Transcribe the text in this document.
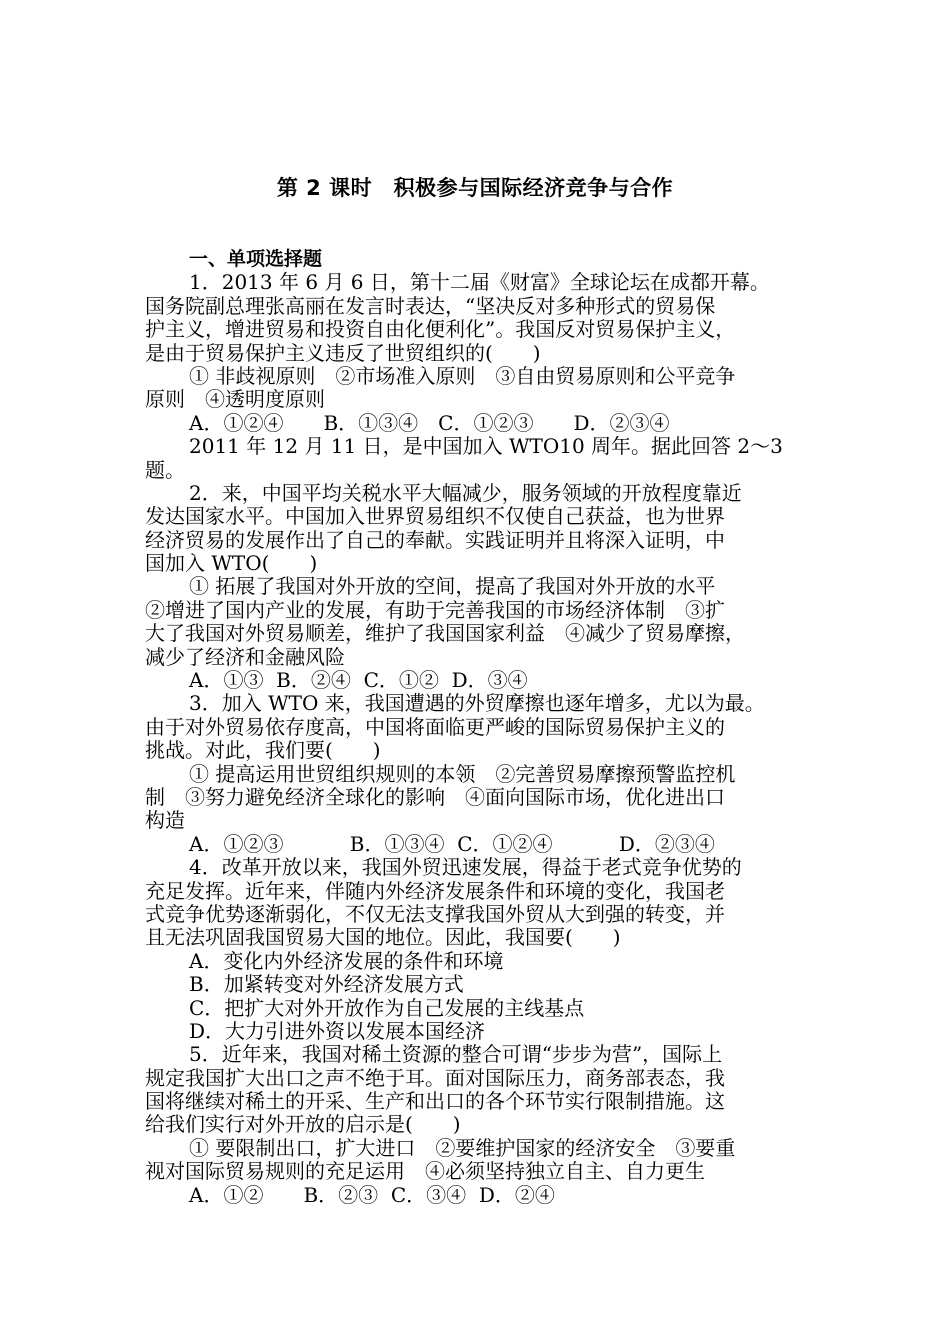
第 2 课时　积极参与国际经济竞争与合作
一、单项选择题
1．2013 年 6 月 6 日，第十二届《财富》全球论坛在成都开幕。
国务院副总理张高丽在发言时表达，“坚决反对多种形式的贸易保
护主义，增进贸易和投资自由化便利化”。我国反对贸易保护主义，
是由于贸易保护主义违反了世贸组织的(　　)
① 非歧视原则　②市场准入原则　③自由贸易原则和公平竞争
原则　④透明度原则
A．①②④　　B．①③④　C．①②③　　D．②③④
2011 年 12 月 11 日，是中国加入 WTO10 周年。据此回答 2～3
题。
2．来，中国平均关税水平大幅减少，服务领域的开放程度靠近
发达国家水平。中国加入世界贸易组织不仅使自己获益，也为世界
经济贸易的发展作出了自己的奉献。实践证明并且将深入证明，中
国加入 WTO(　　)
① 拓展了我国对外开放的空间，提高了我国对外开放的水平
②增进了国内产业的发展，有助于完善我国的市场经济体制　③扩
大了我国对外贸易顺差，维护了我国国家利益　④减少了贸易摩擦，
减少了经济和金融风险
A．①③  B．②④  C．①②  D．③④
3．加入 WTO 来，我国遭遇的外贸摩擦也逐年增多，尤以为最。
由于对外贸易依存度高，中国将面临更严峻的国际贸易保护主义的
挑战。对此，我们要(　　)
① 提高运用世贸组织规则的本领　②完善贸易摩擦预警监控机
制　③努力避免经济全球化的影响　④面向国际市场，优化进出口
构造
A．①②③　　　 B．①③④  C．①②④　　　 D．②③④
4．改革开放以来，我国外贸迅速发展，得益于老式竞争优势的
充足发挥。近年来，伴随内外经济发展条件和环境的变化，我国老
式竞争优势逐渐弱化，不仅无法支撑我国外贸从大到强的转变，并
且无法巩固我国贸易大国的地位。因此，我国要(　　)
A．变化内外经济发展的条件和环境
B．加紧转变对外经济发展方式
C．把扩大对外开放作为自己发展的主线基点
D．大力引进外资以发展本国经济
5．近年来，我国对稀土资源的整合可谓“步步为营”，国际上
规定我国扩大出口之声不绝于耳。面对国际压力，商务部表态，我
国将继续对稀土的开采、生产和出口的各个环节实行限制措施。这
给我们实行对外开放的启示是(　　)
① 要限制出口，扩大进口　②要维护国家的经济安全　③要重
视对国际贸易规则的充足运用　④必须坚持独立自主、自力更生
A．①②　　B．②③  C．③④  D．②④
